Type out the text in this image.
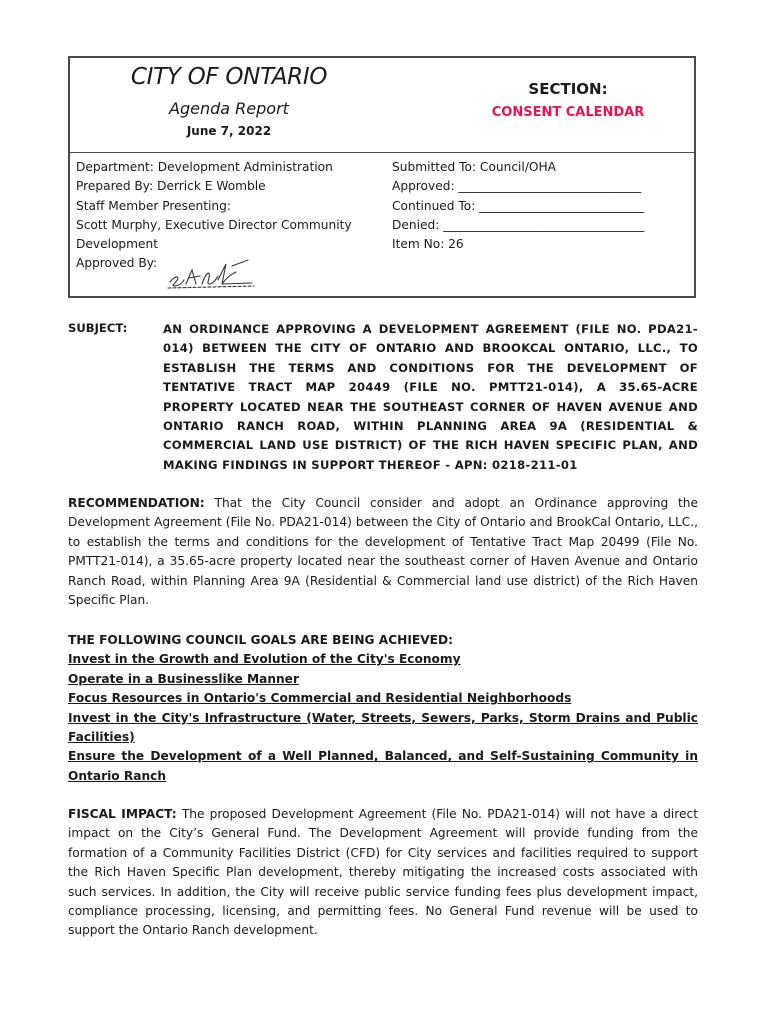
CITY OF ONTARIO
Agenda Report
June 7, 2022
SECTION:
CONSENT CALENDAR
Department: Development Administration
Prepared By: Derrick E Womble
Staff Member Presenting:
Scott Murphy, Executive Director Community
Development
Approved By:
Submitted To: Council/OHA
Approved: ______________________________
Continued To: ___________________________
Denied: _________________________________
Item No: 26
SUBJECT:	AN ORDINANCE APPROVING A DEVELOPMENT AGREEMENT (FILE NO. PDA21-014) BETWEEN THE CITY OF ONTARIO AND BROOKCAL ONTARIO, LLC., TO ESTABLISH THE TERMS AND CONDITIONS FOR THE DEVELOPMENT OF TENTATIVE TRACT MAP 20449 (FILE NO. PMTT21-014), A 35.65-ACRE PROPERTY LOCATED NEAR THE SOUTHEAST CORNER OF HAVEN AVENUE AND ONTARIO RANCH ROAD, WITHIN PLANNING AREA 9A (RESIDENTIAL & COMMERCIAL LAND USE DISTRICT) OF THE RICH HAVEN SPECIFIC PLAN, AND MAKING FINDINGS IN SUPPORT THEREOF - APN: 0218-211-01
RECOMMENDATION: That the City Council consider and adopt an Ordinance approving the Development Agreement (File No. PDA21-014) between the City of Ontario and BrookCal Ontario, LLC., to establish the terms and conditions for the development of Tentative Tract Map 20499 (File No. PMTT21-014), a 35.65-acre property located near the southeast corner of Haven Avenue and Ontario Ranch Road, within Planning Area 9A (Residential & Commercial land use district) of the Rich Haven Specific Plan.
THE FOLLOWING COUNCIL GOALS ARE BEING ACHIEVED:
Invest in the Growth and Evolution of the City's Economy
Operate in a Businesslike Manner
Focus Resources in Ontario's Commercial and Residential Neighborhoods
Invest in the City's Infrastructure (Water, Streets, Sewers, Parks, Storm Drains and Public Facilities)
Ensure the Development of a Well Planned, Balanced, and Self-Sustaining Community in Ontario Ranch
FISCAL IMPACT: The proposed Development Agreement (File No. PDA21-014) will not have a direct impact on the City’s General Fund. The Development Agreement will provide funding from the formation of a Community Facilities District (CFD) for City services and facilities required to support the Rich Haven Specific Plan development, thereby mitigating the increased costs associated with such services. In addition, the City will receive public service funding fees plus development impact, compliance processing, licensing, and permitting fees. No General Fund revenue will be used to support the Ontario Ranch development.
